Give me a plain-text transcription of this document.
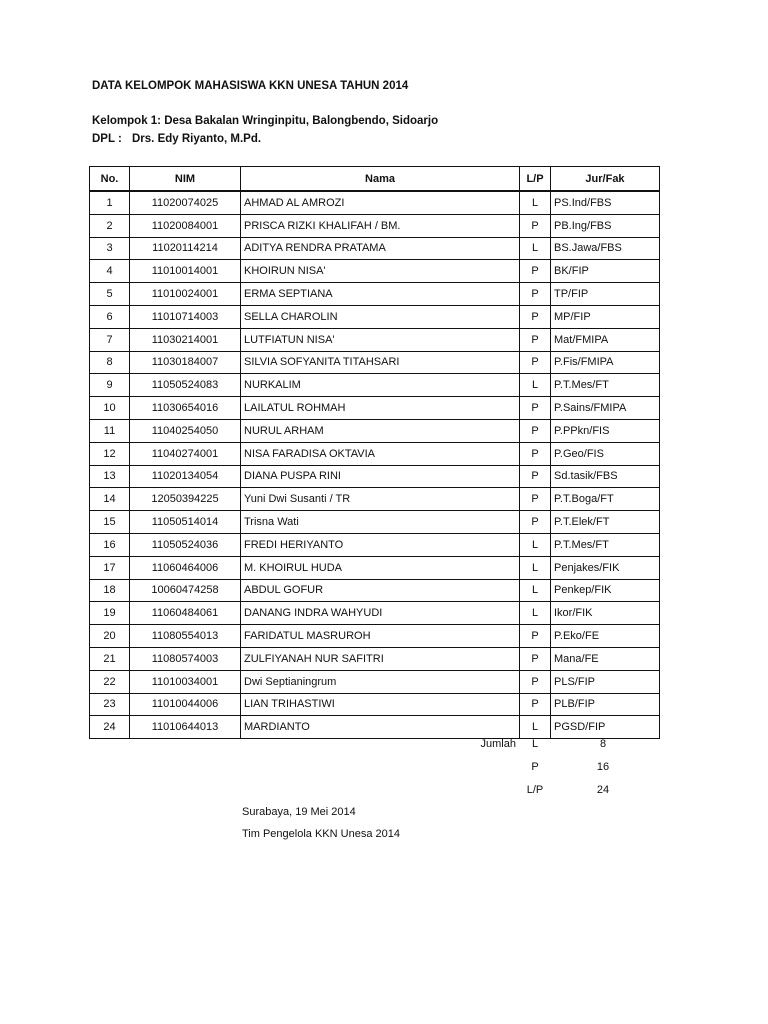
DATA KELOMPOK MAHASISWA KKN UNESA TAHUN 2014
Kelompok 1: Desa Bakalan Wringinpitu, Balongbendo, Sidoarjo
DPL : Drs. Edy Riyanto, M.Pd.
No.	NIM	Nama	L/P	Jur/Fak
1	11020074025	AHMAD AL AMROZI	L	PS.Ind/FBS
2	11020084001	PRISCA RIZKI KHALIFAH / BM.	P	PB.Ing/FBS
3	11020114214	ADITYA RENDRA PRATAMA	L	BS.Jawa/FBS
4	11010014001	KHOIRUN NISA'	P	BK/FIP
5	11010024001	ERMA SEPTIANA	P	TP/FIP
6	11010714003	SELLA CHAROLIN	P	MP/FIP
7	11030214001	LUTFIATUN NISA'	P	Mat/FMIPA
8	11030184007	SILVIA SOFYANITA TITAHSARI	P	P.Fis/FMIPA
9	11050524083	NURKALIM	L	P.T.Mes/FT
10	11030654016	LAILATUL ROHMAH	P	P.Sains/FMIPA
11	11040254050	NURUL ARHAM	P	P.PPkn/FIS
12	11040274001	NISA FARADISA OKTAVIA	P	P.Geo/FIS
13	11020134054	DIANA PUSPA RINI	P	Sd.tasik/FBS
14	12050394225	Yuni Dwi Susanti / TR	P	P.T.Boga/FT
15	11050514014	Trisna Wati	P	P.T.Elek/FT
16	11050524036	FREDI HERIYANTO	L	P.T.Mes/FT
17	11060464006	M. KHOIRUL HUDA	L	Penjakes/FIK
18	10060474258	ABDUL GOFUR	L	Penkep/FIK
19	11060484061	DANANG INDRA WAHYUDI	L	Ikor/FIK
20	11080554013	FARIDATUL MASRUROH	P	P.Eko/FE
21	11080574003	ZULFIYANAH NUR SAFITRI	P	Mana/FE
22	11010034001	Dwi Septianingrum	P	PLS/FIP
23	11010044006	LIAN TRIHASTIWI	P	PLB/FIP
24	11010644013	MARDIANTO	L	PGSD/FIP
Jumlah	L	8
P	16
L/P	24
Surabaya, 19 Mei 2014
Tim Pengelola KKN Unesa 2014
